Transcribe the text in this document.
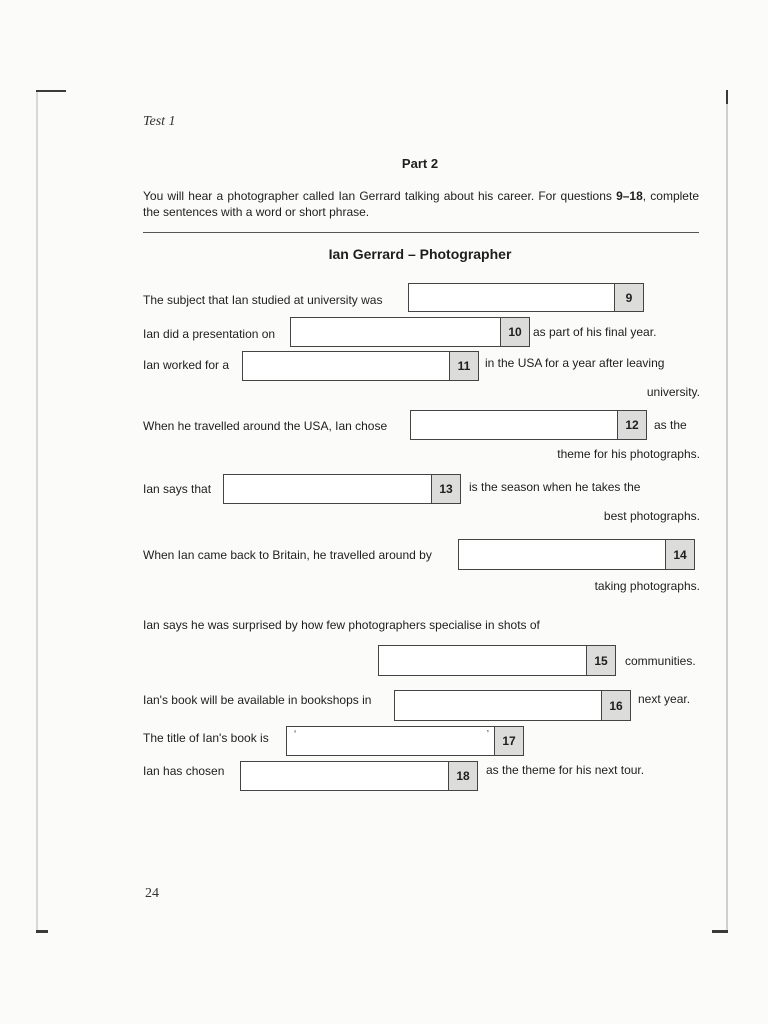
Test 1
Part 2
You will hear a photographer called Ian Gerrard talking about his career. For questions 9–18, complete the sentences with a word or short phrase.
Ian Gerrard – Photographer
The subject that Ian studied at university was	9
Ian did a presentation on	10 as part of his final year.
Ian worked for a	11	in the USA for a year after leaving
university.
When he travelled around the USA, Ian chose	12	as the
theme for his photographs.
Ian says that	13	is the season when he takes the
best photographs.
When Ian came back to Britain, he travelled around by	14
taking photographs.
Ian says he was surprised by how few photographers specialise in shots of
15	communities.
Ian's book will be available in bookshops in	16	next year.
The title of Ian's book is	‘	’	17
Ian has chosen	18	as the theme for his next tour.
24
